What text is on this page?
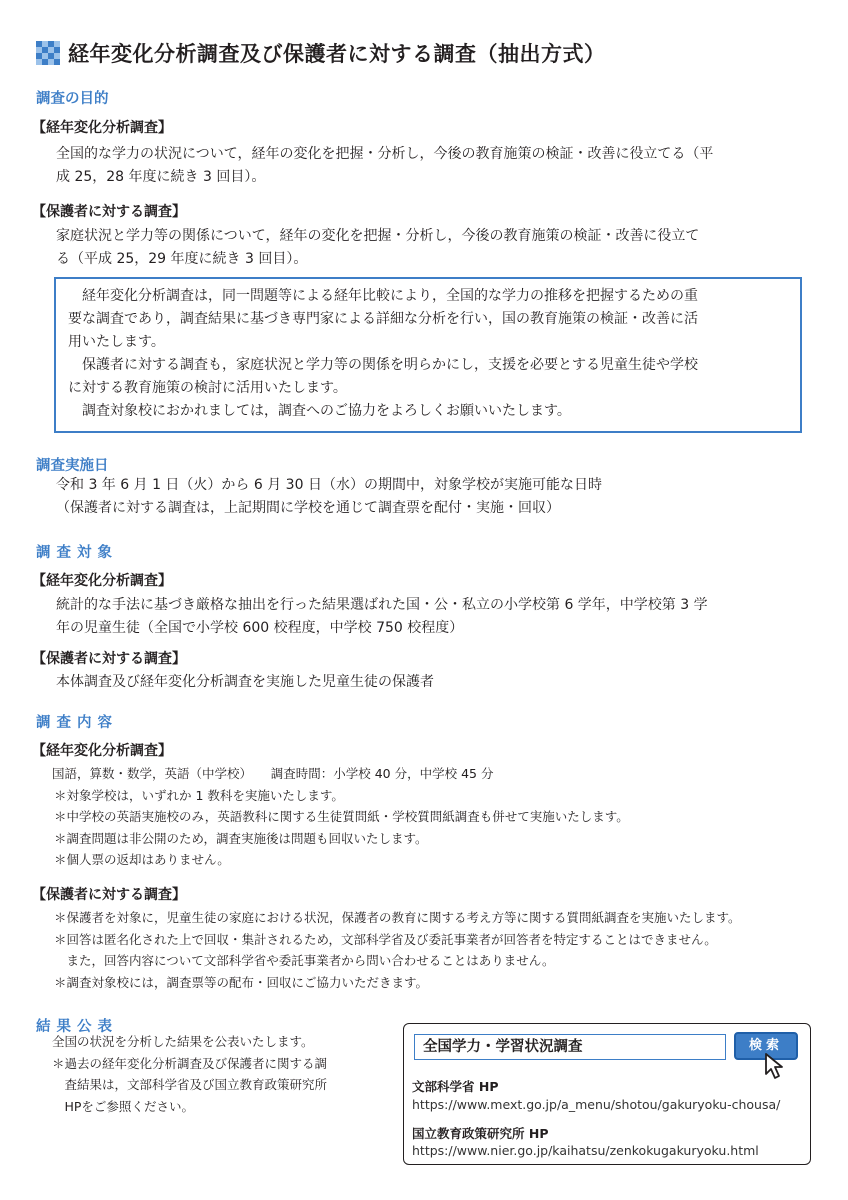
経年変化分析調査及び保護者に対する調査（抽出方式）
調査の目的
【経年変化分析調査】
全国的な学力の状況について，経年の変化を把握・分析し，今後の教育施策の検証・改善に役立てる（平
成 25，28 年度に続き 3 回目）。
【保護者に対する調査】
家庭状況と学力等の関係について，経年の変化を把握・分析し，今後の教育施策の検証・改善に役立て
る（平成 25，29 年度に続き 3 回目）。
経年変化分析調査は，同一問題等による経年比較により，全国的な学力の推移を把握するための重
要な調査であり，調査結果に基づき専門家による詳細な分析を行い，国の教育施策の検証・改善に活
用いたします。
保護者に対する調査も，家庭状況と学力等の関係を明らかにし，支援を必要とする児童生徒や学校
に対する教育施策の検討に活用いたします。
調査対象校におかれましては，調査へのご協力をよろしくお願いいたします。
調査実施日
令和 3 年 6 月 1 日（火）から 6 月 30 日（水）の期間中，対象学校が実施可能な日時
（保護者に対する調査は，上記期間に学校を通じて調査票を配付・実施・回収）
調査対象
【経年変化分析調査】
統計的な手法に基づき厳格な抽出を行った結果選ばれた国・公・私立の小学校第 6 学年，中学校第 3 学
年の児童生徒（全国で小学校 600 校程度，中学校 750 校程度）
【保護者に対する調査】
本体調査及び経年変化分析調査を実施した児童生徒の保護者
調査内容
【経年変化分析調査】
国語，算数・数学，英語（中学校）　　調査時間：小学校 40 分，中学校 45 分
＊対象学校は，いずれか 1 教科を実施いたします。
＊中学校の英語実施校のみ，英語教科に関する生徒質問紙・学校質問紙調査も併せて実施いたします。
＊調査問題は非公開のため，調査実施後は問題も回収いたします。
＊個人票の返却はありません。
【保護者に対する調査】
＊保護者を対象に，児童生徒の家庭における状況，保護者の教育に関する考え方等に関する質問紙調査を実施いたします。
＊回答は匿名化された上で回収・集計されるため，文部科学省及び委託事業者が回答者を特定することはできません。
　また，回答内容について文部科学省や委託事業者から問い合わせることはありません。
＊調査対象校には，調査票等の配布・回収にご協力いただきます。
結果公表
全国の状況を分析した結果を公表いたします。
＊過去の経年変化分析調査及び保護者に関する調
　査結果は，文部科学省及び国立教育政策研究所
　HPをご参照ください。
全国学力・学習状況調査	検索
文部科学省 HP
https://www.mext.go.jp/a_menu/shotou/gakuryoku-chousa/
国立教育政策研究所 HP
https://www.nier.go.jp/kaihatsu/zenkokugakuryoku.html
